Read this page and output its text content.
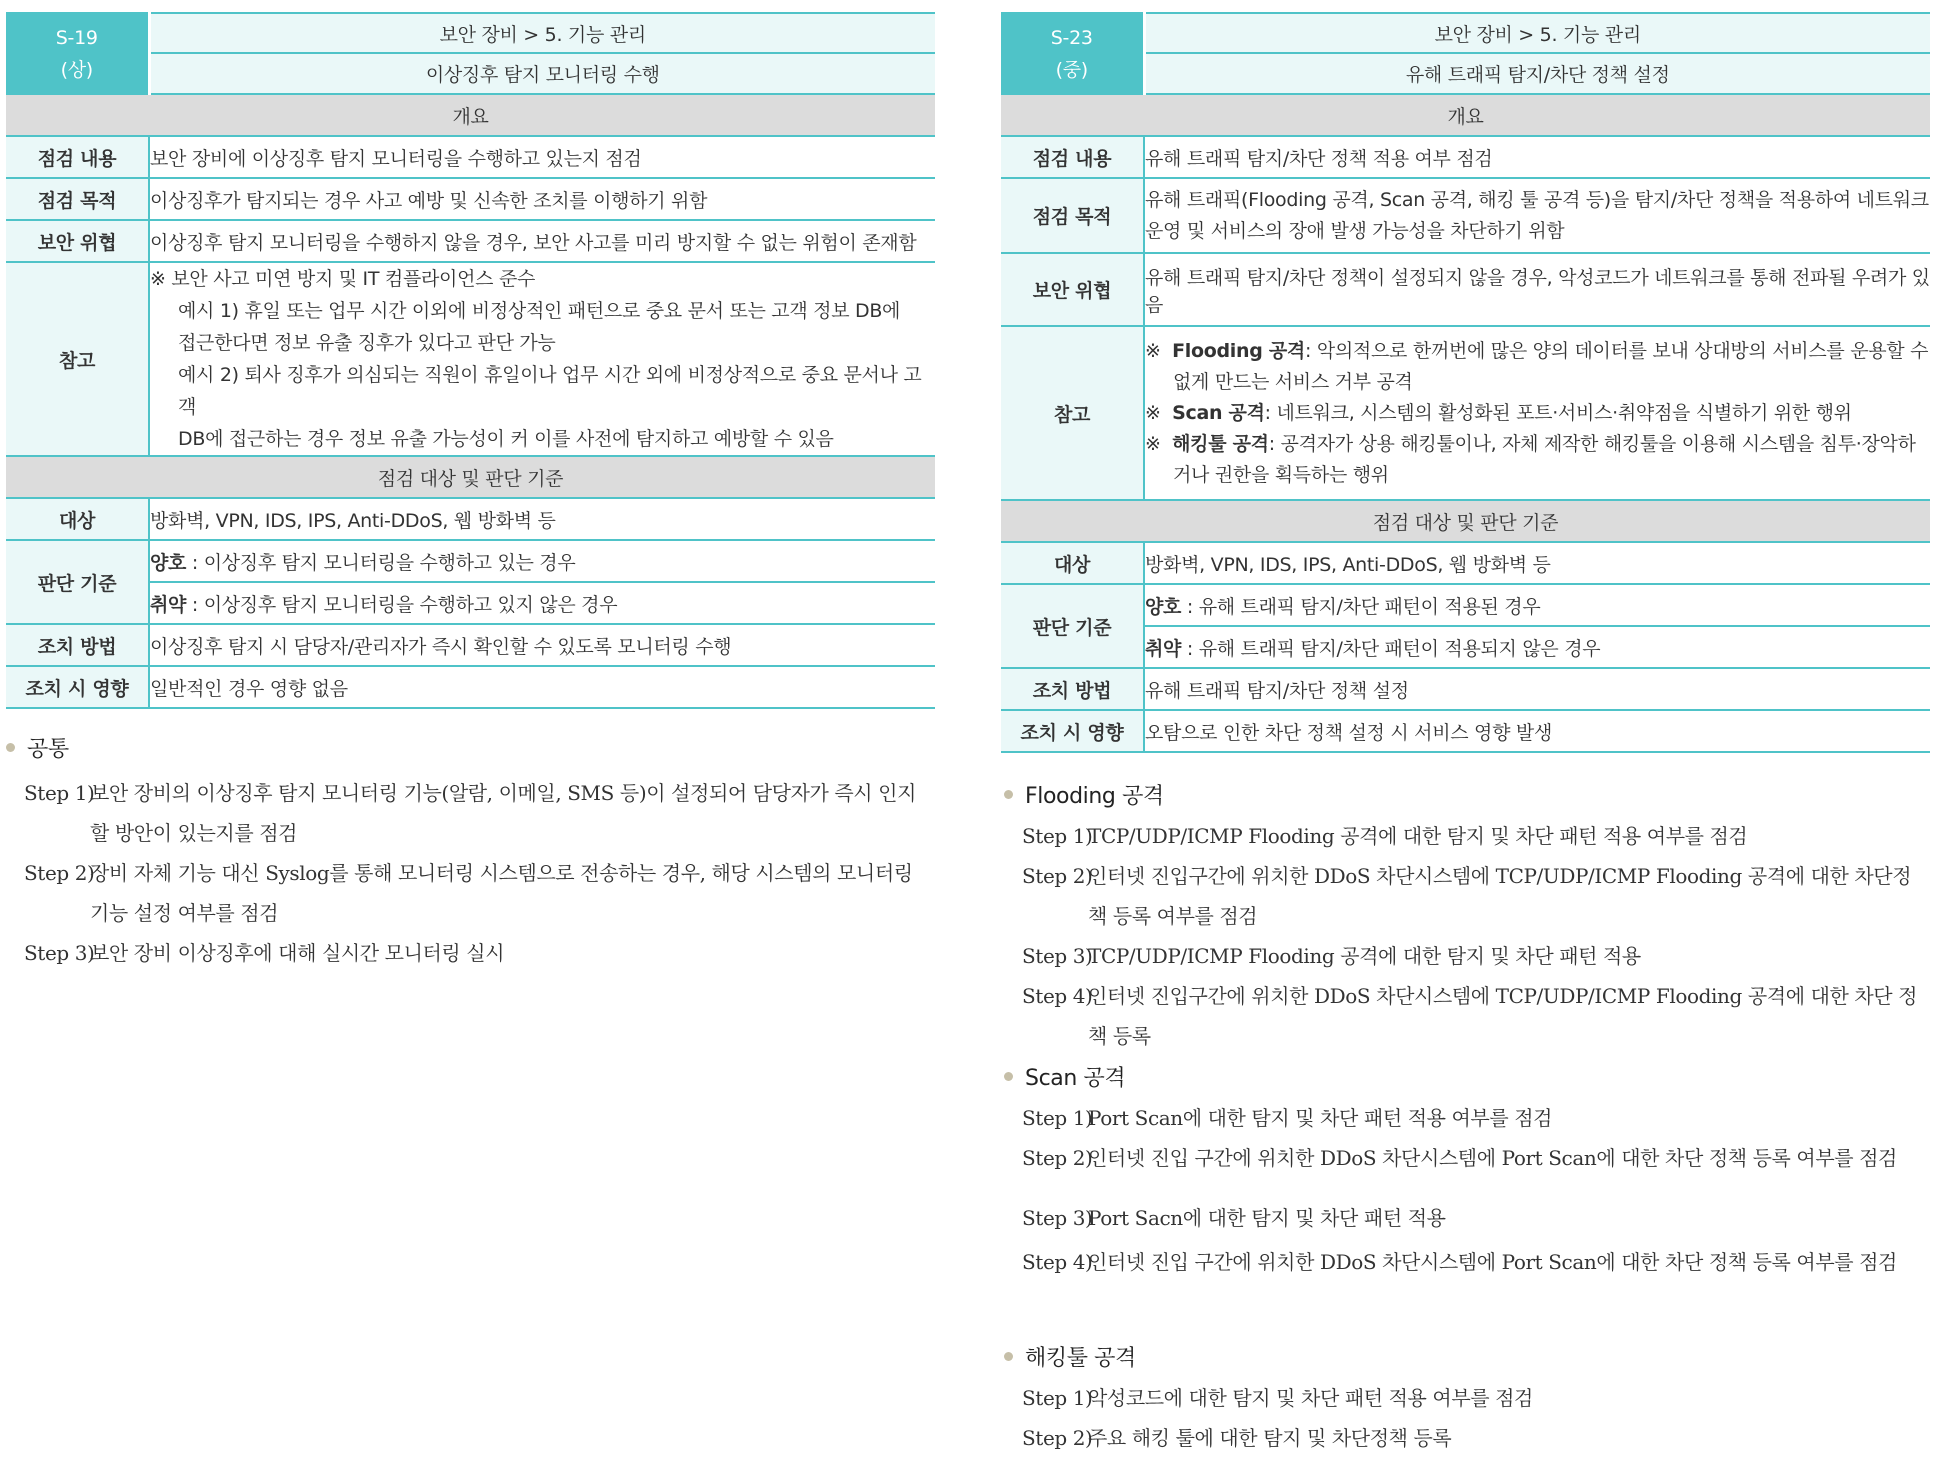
S-19
(상)	보안 장비 > 5. 기능 관리
	이상징후 탐지 모니터링 수행
개요	
점검 내용	보안 장비에 이상징후 탐지 모니터링을 수행하고 있는지 점검
점검 목적	이상징후가 탐지되는 경우 사고 예방 및 신속한 조치를 이행하기 위함
보안 위협	이상징후 탐지 모니터링을 수행하지 않을 경우, 보안 사고를 미리 방지할 수 없는 위험이 존재함
참고	※ 보안 사고 미연 방지 및 IT 컴플라이언스 준수
예시 1) 휴일 또는 업무 시간 이외에 비정상적인 패턴으로 중요 문서 또는 고객 정보 DB에
접근한다면 정보 유출 징후가 있다고 판단 가능
예시 2) 퇴사 징후가 의심되는 직원이 휴일이나 업무 시간 외에 비정상적으로 중요 문서나 고객
DB에 접근하는 경우 정보 유출 가능성이 커 이를 사전에 탐지하고 예방할 수 있음

점검 대상 및 판단 기준	
대상	방화벽, VPN, IDS, IPS, Anti-DDoS, 웹 방화벽 등
판단 기준	양호 : 이상징후 탐지 모니터링을 수행하고 있는 경우
	취약 : 이상징후 탐지 모니터링을 수행하고 있지 않은 경우
조치 방법	이상징후 탐지 시 담당자/관리자가 즉시 확인할 수 있도록 모니터링 수행
조치 시 영향	일반적인 경우 영향 없음
공통
Step 1)
보안 장비의 이상징후 탐지 모니터링 기능(알람, 이메일, SMS 등)이 설정되어 담당자가 즉시 인지할 방안이 있는지를 점검
Step 2)
장비 자체 기능 대신 Syslog를 통해 모니터링 시스템으로 전송하는 경우, 해당 시스템의 모니터링 기능 설정 여부를 점검
Step 3)
보안 장비 이상징후에 대해 실시간 모니터링 실시
S-23
(중)	보안 장비 > 5. 기능 관리
	유해 트래픽 탐지/차단 정책 설정
개요	
점검 내용	유해 트래픽 탐지/차단 정책 적용 여부 점검
점검 목적	유해 트래픽(Flooding 공격, Scan 공격, 해킹 툴 공격 등)을 탐지/차단 정책을 적용하여 네트워크 운영 및 서비스의 장애 발생 가능성을 차단하기 위함
보안 위협	유해 트래픽 탐지/차단 정책이 설정되지 않을 경우, 악성코드가 네트워크를 통해 전파될 우려가 있음
참고	※ Flooding 공격: 악의적으로 한꺼번에 많은 양의 데이터를 보내 상대방의 서비스를 운용할 수 없게 만드는 서비스 거부 공격
※ Scan 공격: 네트워크, 시스템의 활성화된 포트·서비스·취약점을 식별하기 위한 행위
※ 해킹툴 공격: 공격자가 상용 해킹툴이나, 자체 제작한 해킹툴을 이용해 시스템을 침투·장악하거나 권한을 획득하는 행위

점검 대상 및 판단 기준	
대상	방화벽, VPN, IDS, IPS, Anti-DDoS, 웹 방화벽 등
판단 기준	양호 : 유해 트래픽 탐지/차단 패턴이 적용된 경우
	취약 : 유해 트래픽 탐지/차단 패턴이 적용되지 않은 경우
조치 방법	유해 트래픽 탐지/차단 정책 설정
조치 시 영향	오탐으로 인한 차단 정책 설정 시 서비스 영향 발생
Flooding 공격
Step 1)
TCP/UDP/ICMP Flooding 공격에 대한 탐지 및 차단 패턴 적용 여부를 점검
Step 2)
인터넷 진입구간에 위치한 DDoS 차단시스템에 TCP/UDP/ICMP Flooding 공격에 대한 차단정 책 등록 여부를 점검
Step 3)
TCP/UDP/ICMP Flooding 공격에 대한 탐지 및 차단 패턴 적용
Step 4)
인터넷 진입구간에 위치한 DDoS 차단시스템에 TCP/UDP/ICMP Flooding 공격에 대한 차단 정책 등록
Scan 공격
Step 1)
Port Scan에 대한 탐지 및 차단 패턴 적용 여부를 점검
Step 2)
인터넷 진입 구간에 위치한 DDoS 차단시스템에 Port Scan에 대한 차단 정책 등록 여부를 점검
Step 3)
Port Sacn에 대한 탐지 및 차단 패턴 적용
Step 4)
인터넷 진입 구간에 위치한 DDoS 차단시스템에 Port Scan에 대한 차단 정책 등록 여부를 점검
해킹툴 공격
Step 1)
악성코드에 대한 탐지 및 차단 패턴 적용 여부를 점검
Step 2)
주요 해킹 툴에 대한 탐지 및 차단정책 등록
